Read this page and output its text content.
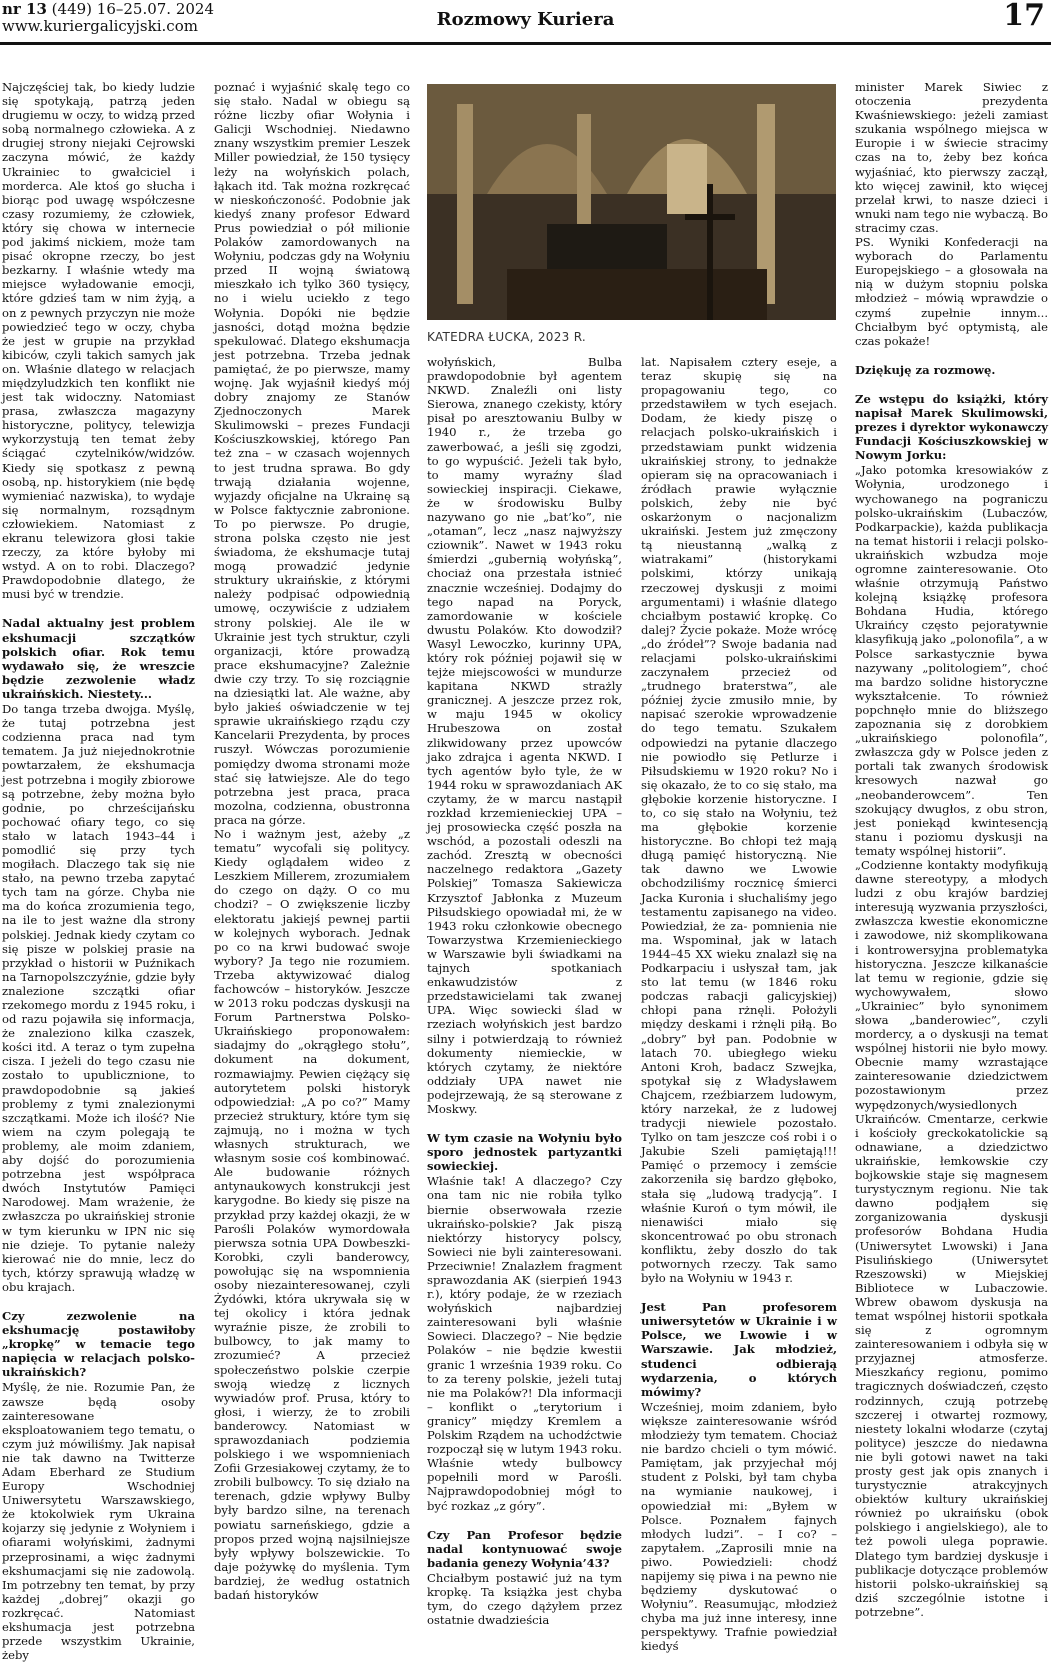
nr 13 (449) 16–25.07. 2024
www.kuriergalicyjski.com	Rozmowy Kuriera	17

Najczęściej tak, bo kiedy ludzie się spotykają, patrzą jeden drugiemu w oczy, to widzą przed sobą normalnego człowieka. A z drugiej strony niejaki Cejrowski zaczyna mówić, że każdy Ukrainiec to gwałciciel i morderca. Ale ktoś go słucha i biorąc pod uwagę współczesne czasy rozumiemy, że człowiek, który się chowa w internecie pod jakimś nickiem, może tam pisać okropne rzeczy, bo jest bezkarny. I właśnie wtedy ma miejsce wyładowanie emocji, które gdzieś tam w nim żyją, a on z pewnych przyczyn nie może powiedzieć tego w oczy, chyba że jest w grupie na przykład kibiców, czyli takich samych jak on. Właśnie dlatego w relacjach międzyludzkich ten konflikt nie jest tak widoczny. Natomiast prasa, zwłaszcza magazyny historyczne, politycy, telewizja wykorzystują ten temat żeby ściągać czytelników/widzów. Kiedy się spotkasz z pewną osobą, np. historykiem (nie będę wymieniać nazwiska), to wydaje się normalnym, rozsądnym człowiekiem. Natomiast z ekranu telewizora głosi takie rzeczy, za które byłoby mi wstyd. A on to robi. Dlaczego? Prawdopodobnie dlatego, że musi być w trendzie.

Nadal aktualny jest problem ekshumacji szczątków polskich ofiar. Rok temu wydawało się, że wreszcie będzie zezwolenie władz ukraińskich. Niestety...

Do tanga trzeba dwojga. Myślę, że tutaj potrzebna jest codzienna praca nad tym tematem. Ja już niejednokrotnie powtarzałem, że ekshumacja jest potrzebna i mogiły zbiorowe są potrzebne, żeby można było godnie, po chrześcijańsku pochować ofiary tego, co się stało w latach 1943–44 i pomodlić się przy tych mogiłach. Dlaczego tak się nie stało, na pewno trzeba zapytać tych tam na górze. Chyba nie ma do końca zrozumienia tego, na ile to jest ważne dla strony polskiej. Jednak kiedy czytam co się pisze w polskiej prasie na przykład o historii w Puźnikach na Tarnopolszczyźnie, gdzie były znalezione szczątki ofiar rzekomego mordu z 1945 roku, i od razu pojawiła się informacja, że znaleziono kilka czaszek, kości itd. A teraz o tym zupełna cisza. I jeżeli do tego czasu nie zostało to upublicznione, to prawdopodobnie są jakieś problemy z tymi znalezionymi szczątkami. Może ich ilość? Nie wiem na czym polegają te problemy, ale moim zdaniem, aby dojść do porozumienia potrzebna jest współpraca dwóch Instytutów Pamięci Narodowej. Mam wrażenie, że zwłaszcza po ukraińskiej stronie w tym kierunku w IPN nic się nie dzieje. To pytanie należy kierować nie do mnie, lecz do tych, którzy sprawują władzę w obu krajach.

Czy zezwolenie na ekshumację postawiłoby „kropkę” w temacie tego napięcia w relacjach polsko-ukraińskich?

Myślę, że nie. Rozumie Pan, że zawsze będą osoby zainteresowane eksploatowaniem tego tematu, o czym już mówiliśmy. Jak napisał nie tak dawno na Twitterze Adam Eberhard ze Studium Europy Wschodniej Uniwersytetu Warszawskiego, że ktokolwiek rym Ukraina kojarzy się jedynie z Wołyniem i ofiarami wołyńskimi, żadnymi przeprosinami, a więc żadnymi ekshumacjami się nie zadowolą. Im potrzebny ten temat, by przy każdej „dobrej” okazji go rozkręcać. Natomiast ekshumacja jest potrzebna przede wszystkim Ukrainie, żeby

poznać i wyjaśnić skalę tego co się stało. Nadal w obiegu są różne liczby ofiar Wołynia i Galicji Wschodniej. Niedawno znany wszystkim premier Leszek Miller powiedział, że 150 tysięcy leży na wołyńskich polach, łąkach itd. Tak można rozkręcać w nieskończoność. Podobnie jak kiedyś znany profesor Edward Prus powiedział o pół milionie Polaków zamordowanych na Wołyniu, podczas gdy na Wołyniu przed II wojną światową mieszkało ich tylko 360 tysięcy, no i wielu uciekło z tego Wołynia. Dopóki nie będzie jasności, dotąd można będzie spekulować. Dlatego ekshumacja jest potrzebna. Trzeba jednak pamiętać, że po pierwsze, mamy wojnę. Jak wyjaśnił kiedyś mój dobry znajomy ze Stanów Zjednoczonych Marek Skulimowski – prezes Fundacji Kościuszkowskiej, którego Pan też zna – w czasach wojennych to jest trudna sprawa. Bo gdy trwają działania wojenne, wyjazdy oficjalne na Ukrainę są w Polsce faktycznie zabronione. To po pierwsze. Po drugie, strona polska często nie jest świadoma, że ekshumacje tutaj mogą prowadzić jedynie struktury ukraińskie, z którymi należy podpisać odpowiednią umowę, oczywiście z udziałem strony polskiej. Ale ile w Ukrainie jest tych struktur, czyli organizacji, które prowadzą prace ekshumacyjne? Zależnie dwie czy trzy. To się rozciągnie na dziesiątki lat. Ale ważne, aby było jakieś oświadczenie w tej sprawie ukraińskiego rządu czy Kancelarii Prezydenta, by proces ruszył. Wówczas porozumienie pomiędzy dwoma stronami może stać się łatwiejsze. Ale do tego potrzebna jest praca, praca mozolna, codzienna, obustronna praca na górze.

No i ważnym jest, ażeby „z tematu” wycofali się politycy. Kiedy oglądałem wideo z Leszkiem Millerem, zrozumiałem do czego on dąży. O co mu chodzi? – O zwiększenie liczby elektoratu jakiejś pewnej partii w kolejnych wyborach. Jednak po co na krwi budować swoje wybory? Ja tego nie rozumiem. Trzeba aktywizować dialog fachowców – historyków. Jeszcze w 2013 roku podczas dyskusji na Forum Partnerstwa Polsko-Ukraińskiego proponowałem: siadajmy do „okrągłego stołu”, dokument na dokument, rozmawiajmy. Pewien ciężący się autorytetem polski historyk odpowiedział: „A po co?” Mamy przecież struktury, które tym się zajmują, no i można w tych własnych strukturach, we własnym sosie coś kombinować. Ale budowanie różnych antynaukowych konstrukcji jest karygodne. Bo kiedy się pisze na przykład przy każdej okazji, że w Parośli Polaków wymordowała pierwsza sotnia UPA Dowbeszki-Korobki, czyli banderowcy, powołując się na wspomnienia osoby niezainteresowanej, czyli Żydówki, która ukrywała się w tej okolicy i która jednak wyraźnie pisze, że zrobili to bulbowcy, to jak mamy to zrozumieć? A przecież społeczeństwo polskie czerpie swoją wiedzę z licznych wywiadów prof. Prusa, który to głosi, i wierzy, że to zrobili banderowcy. Natomiast w sprawozdaniach podziemia polskiego i we wspomnieniach Zofii Grzesiakowej czytamy, że to zrobili bulbowcy. To się działo na terenach, gdzie wpływy Bulby były bardzo silne, na terenach powiatu sarneńskiego, gdzie a propos przed wojną najsilniejsze były wpływy bolszewickie. To daje pożywkę do myślenia. Tym bardziej, że według ostatnich badań historyków

KATEDRA ŁUCKA, 2023 R.

wołyńskich, Bulba prawdopodobnie był agentem NKWD. Znaleźli oni listy Sierowa, znanego czekisty, który pisał po aresztowaniu Bulby w 1940 r., że trzeba go zawerbować, a jeśli się zgodzi, to go wypuścić. Jeżeli tak było, to mamy wyraźny ślad sowieckiej inspiracji. Ciekawe, że w środowisku Bulby nazywano go nie „bat’ko”, nie „otaman”, lecz „nasz najwyższy cziownik”. Nawet w 1943 roku śmierdzi „gubernią wołyńską”, chociaż ona przestała istnieć znacznie wcześniej. Dodajmy do tego napad na Poryck, zamordowanie w kościele dwustu Polaków. Kto dowodził? Wasyl Lewoczko, kurinny UPA, który rok później pojawił się w tejże miejscowości w mundurze kapitana NKWD strażly granicznej. A jeszcze przez rok, w maju 1945 w okolicy Hrubeszowa on został zlikwidowany przez upowców jako zdrajca i agenta NKWD. I tych agentów było tyle, że w 1944 roku w sprawozdaniach AK czytamy, że w marcu nastąpił rozkład krzemienieckiej UPA – jej prosowiecka część poszła na wschód, a pozostali odeszli na zachód. Zresztą w obecności naczelnego redaktora „Gazety Polskiej” Tomasza Sakiewicza Krzysztof Jabłonka z Muzeum Piłsudskiego opowiadał mi, że w 1943 roku członkowie obecnego Towarzystwa Krzemienieckiego w Warszawie byli świadkami na tajnych spotkaniach enkawudzistów z przedstawicielami tak zwanej UPA. Więc sowiecki ślad w rzeziach wołyńskich jest bardzo silny i potwierdzają to również dokumenty niemieckie, w których czytamy, że niektóre oddziały UPA nawet nie podejrzewają, że są sterowane z Moskwy.

W tym czasie na Wołyniu było sporo jednostek partyzantki sowieckiej.

Właśnie tak! A dlaczego? Czy ona tam nic nie robiła tylko biernie obserwowała rzezie ukraińsko-polskie? Jak piszą niektórzy historycy polscy, Sowieci nie byli zainteresowani. Przeciwnie! Znalazłem fragment sprawozdania AK (sierpień 1943 r.), który podaje, że w rzeziach wołyńskich najbardziej zainteresowani byli właśnie Sowieci. Dlaczego? – Nie będzie Polaków – nie będzie kwestii granic 1 września 1939 roku. Co to za tereny polskie, jeżeli tutaj nie ma Polaków?! Dla informacji – konflikt o „terytorium i granicy” między Kremlem a Polskim Rządem na uchodźctwie rozpoczął się w lutym 1943 roku. Właśnie wtedy bulbowcy popełnili mord w Parośli. Najprawdopodobniej mógł to być rozkaz „z góry”.

Czy Pan Profesor będzie nadal kontynuować swoje badania genezy Wołynia’43?

Chciałbym postawić już na tym kropkę. Ta książka jest chyba tym, do czego dążyłem przez ostatnie dwadzieścia

lat. Napisałem cztery eseje, a teraz skupię się na propagowaniu tego, co przedstawiłem w tych esejach. Dodam, że kiedy piszę o relacjach polsko-ukraińskich i przedstawiam punkt widzenia ukraińskiej strony, to jednakże opieram się na opracowaniach i źródłach prawie wyłącznie polskich, żeby nie być oskarżonym o nacjonalizm ukraiński. Jestem już zmęczony tą nieustanną „walką z wiatrakami” (historykami polskimi, którzy unikają rzeczowej dyskusji z moimi argumentami) i właśnie dlatego chciałbym postawić kropkę. Co dalej? Życie pokaże. Może wrócę „do źródeł”? Swoje badania nad relacjami polsko-ukraińskimi zaczynałem przecież od „trudnego braterstwa”, ale później życie zmusiło mnie, by napisać szerokie wprowadzenie do tego tematu. Szukałem odpowiedzi na pytanie dlaczego nie powiodło się Petlurze i Piłsudskiemu w 1920 roku? No i się okazało, że to co się stało, ma głębokie korzenie historyczne. I to, co się stało na Wołyniu, też ma głębokie korzenie historyczne. Bo chłopi też mają długą pamięć historyczną. Nie tak dawno we Lwowie obchodziliśmy rocznicę śmierci Jacka Kuronia i słuchaliśmy jego testamentu zapisanego na video. Powiedział, że za- pomnienia nie ma. Wspominał, jak w latach 1944–45 XX wieku znalazł się na Podkarpaciu i usłyszał tam, jak sto lat temu (w 1846 roku podczas rabacji galicyjskiej) chłopi pana rżnęli. Położyli między deskami i rżnęli piłą. Bo „dobry” był pan. Podobnie w latach 70. ubiegłego wieku Antoni Kroh, badacz Szwejka, spotykał się z Władysławem Chajcem, rzeźbiarzem ludowym, który narzekał, że z ludowej tradycji niewiele pozostało. Tylko on tam jeszcze coś robi i o Jakubie Szeli pamiętają!!! Pamięć o przemocy i zemście zakorzeniła się bardzo głęboko, stała się „ludową tradycją”. I właśnie Kuroń o tym mówił, ile nienawiści miało się skoncentrować po obu stronach konfliktu, żeby doszło do tak potwornych rzeczy. Tak samo było na Wołyniu w 1943 r.

Jest Pan profesorem uniwersytetów w Ukrainie i w Polsce, we Lwowie i w Warszawie. Jak młodzież, studenci odbierają wydarzenia, o których mówimy?

Wcześniej, moim zdaniem, było większe zainteresowanie wśród młodzieży tym tematem. Chociaż nie bardzo chcieli o tym mówić. Pamiętam, jak przyjechał mój student z Polski, był tam chyba na wymianie naukowej, i opowiedział mi: „Byłem w Polsce. Poznałem fajnych młodych ludzi”. – I co? – zapytałem. „Zaprosili mnie na piwo. Powiedzieli: chodź napijemy się piwa i na pewno nie będziemy dyskutować o Wołyniu”. Reasumując, młodzież chyba ma już inne interesy, inne perspektywy. Trafnie powiedział kiedyś

minister Marek Siwiec z otoczenia prezydenta Kwaśniewskiego: jeżeli zamiast szukania wspólnego miejsca w Europie i w świecie stracimy czas na to, żeby bez końca wyjaśniać, kto pierwszy zaczął, kto więcej zawinił, kto więcej przelał krwi, to nasze dzieci i wnuki nam tego nie wybaczą. Bo stracimy czas.

PS. Wyniki Konfederacji na wyborach do Parlamentu Europejskiego – a głosowała na nią w dużym stopniu polska młodzież – mówią wprawdzie o czymś zupełnie innym... Chciałbym być optymistą, ale czas pokaże!

Dziękuję za rozmowę.
Ze wstępu do książki, który napisał Marek Skulimowski, prezes i dyrektor wykonawczy Fundacji Kościuszkowskiej w Nowym Jorku:

„Jako potomka kresowiaków z Wołynia, urodzonego i wychowanego na pograniczu polsko-ukraińskim (Lubaczów, Podkarpackie), każda publikacja na temat historii i relacji polsko-ukraińskich wzbudza moje ogromne zainteresowanie. Oto właśnie otrzymują Państwo kolejną książkę profesora Bohdana Hudia, którego Ukraińcy często pejoratywnie klasyfikują jako „polonofila”, a w Polsce sarkastycznie bywa nazywany „politologiem”, choć ma bardzo solidne historyczne wykształcenie. To również popchnęło mnie do bliższego zapoznania się z dorobkiem „ukraińskiego polonofila”, zwłaszcza gdy w Polsce jeden z portali tak zwanych środowisk kresowych nazwał go „neobanderowcem”. Ten szokujący dwugłos, z obu stron, jest poniekąd kwintesencją stanu i poziomu dyskusji na tematy wspólnej historii”.

„Codzienne kontakty modyfikują dawne stereotypy, a młodych ludzi z obu krajów bardziej interesują wyzwania przyszłości, zwłaszcza kwestie ekonomiczne i zawodowe, niż skomplikowana i kontrowersyjna problematyka historyczna. Jeszcze kilkanaście lat temu w regionie, gdzie się wychowywałem, słowo „Ukrainiec” było synonimem słowa „banderowiec”, czyli mordercy, a o dyskusji na temat wspólnej historii nie było mowy. Obecnie mamy wzrastające zainteresowanie dziedzictwem pozostawionym przez wypędzonych/wysiedlonych Ukraińców. Cmentarze, cerkwie i kościoły greckokatolickie są odnawiane, a dziedzictwo ukraińskie, łemkowskie czy bojkowskie staje się magnesem turystycznym regionu. Nie tak dawno podjąłem się zorganizowania dyskusji profesorów Bohdana Hudia (Uniwersytet Lwowski) i Jana Pisulińskiego (Uniwersytet Rzeszowski) w Miejskiej Bibliotece w Lubaczowie. Wbrew obawom dyskusja na temat wspólnej historii spotkała się z ogromnym zainteresowaniem i odbyła się w przyjaznej atmosferze. Mieszkańcy regionu, pomimo tragicznych doświadczeń, często rodzinnych, czują potrzebę szczerej i otwartej rozmowy, niestety lokalni włodarze (czytaj polityce) jeszcze do niedawna nie byli gotowi nawet na taki prosty gest jak opis znanych i turystycznie atrakcyjnych obiektów kultury ukraińskiej również po ukraińsku (obok polskiego i angielskiego), ale to też powoli ulega poprawie. Dlatego tym bardziej dyskusje i publikacje dotyczące problemów historii polsko-ukraińskiej są dziś szczególnie istotne i potrzebne”.
